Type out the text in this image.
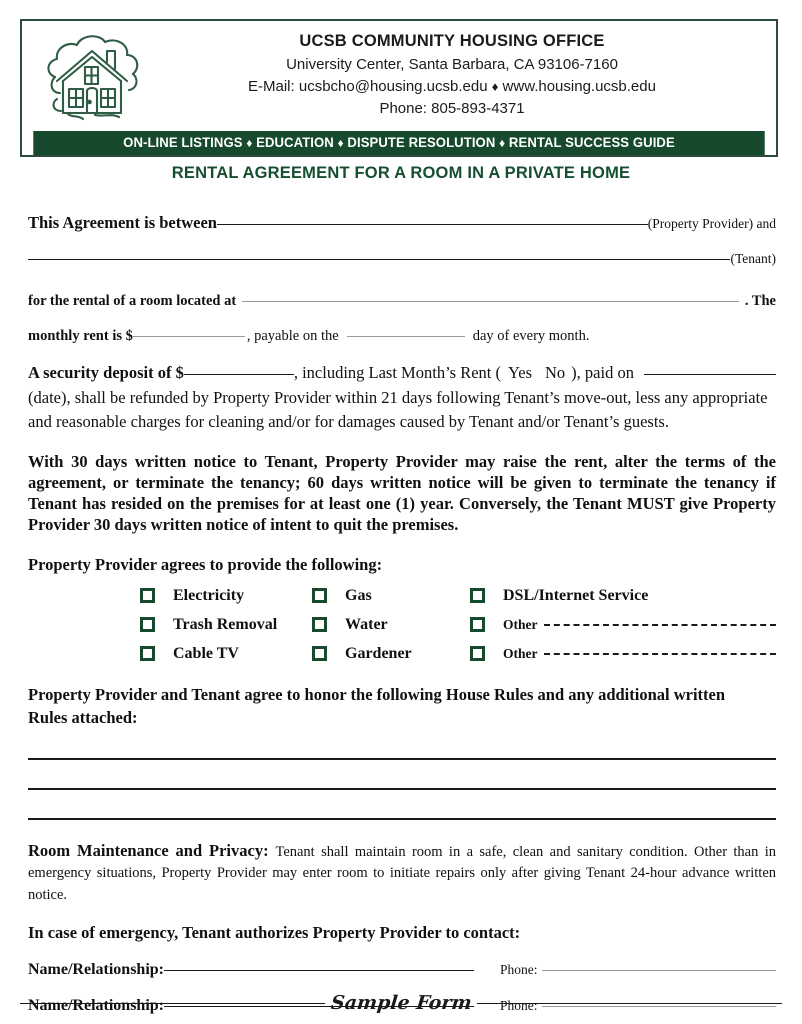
UCSB COMMUNITY HOUSING OFFICE
University Center, Santa Barbara, CA 93106-7160
E-Mail: ucsbcho@housing.ucsb.edu ♦ www.housing.ucsb.edu
Phone: 805-893-4371
ON-LINE LISTINGS ♦ EDUCATION ♦ DISPUTE RESOLUTION ♦ RENTAL SUCCESS GUIDE
RENTAL AGREEMENT FOR A ROOM IN A PRIVATE HOME
This Agreement is between	(Property Provider) and
(Tenant)
for the rental of a room located at	. The
monthly rent is $	, payable on the	day of every month.
A security deposit of $	, including Last Month’s Rent ( Yes No ), paid on
(date), shall be refunded by Property Provider within 21 days following Tenant’s move-out, less any appropriate
and reasonable charges for cleaning and/or for damages caused by Tenant and/or Tenant’s guests.
With 30 days written notice to Tenant, Property Provider may raise the rent, alter the terms of the agreement, or terminate the tenancy; 60 days written notice will be given to terminate the tenancy if Tenant has resided on the premises for at least one (1) year. Conversely, the Tenant MUST give Property Provider 30 days written notice of intent to quit the premises.
Property Provider agrees to provide the following:
Electricity	Gas	DSL/Internet Service
Trash Removal	Water	Other
Cable TV	Gardener	Other
Property Provider and Tenant agree to honor the following House Rules and any additional written
Rules attached:
Room Maintenance and Privacy: Tenant shall maintain room in a safe, clean and sanitary condition. Other than in emergency situations, Property Provider may enter room to initiate repairs only after giving Tenant 24-hour advance written notice.
In case of emergency, Tenant authorizes Property Provider to contact:
Name/Relationship:	Phone:
Name/Relationship:	Phone:
Sample Form
